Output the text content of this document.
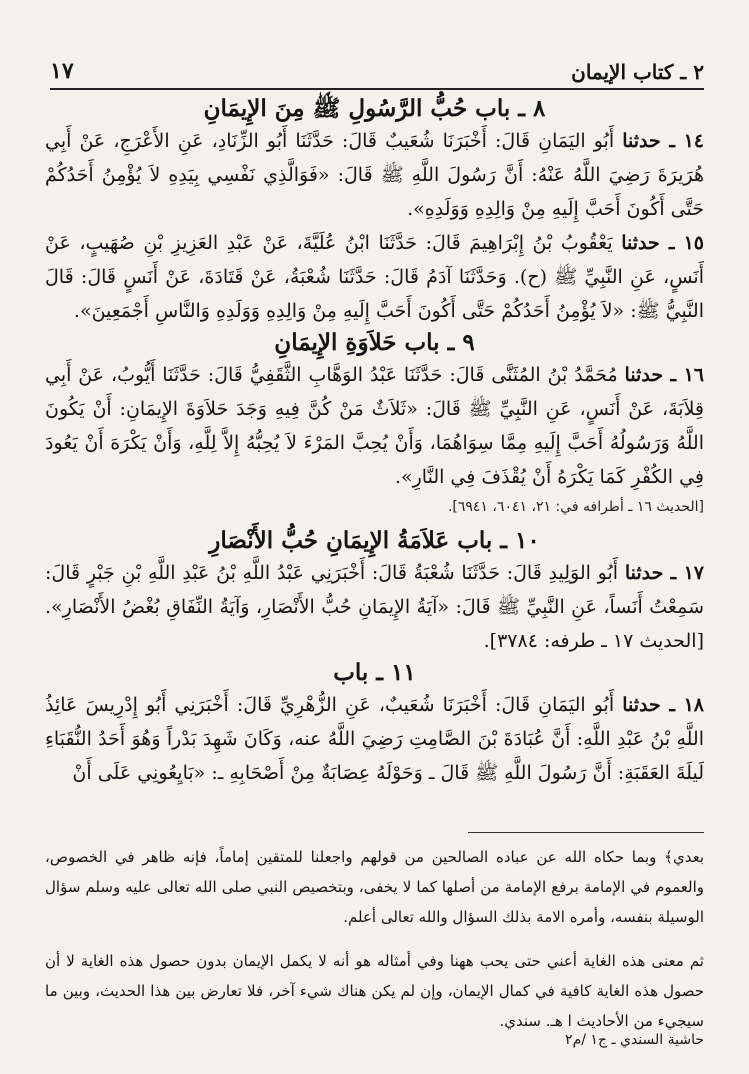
٢ ـ كتاب الإيمان
١٧
٨ ـ باب حُبُّ الرَّسُولِ ﷺ مِنَ الإِيمَانِ

١٤ ـ حدثنا أَبُو اليَمَانِ قَالَ: أَخْبَرَنَا شُعَيبٌ قَالَ: حَدَّثَنَا أَبُو الزِّنَادِ، عَنِ الأَعْرَجِ، عَنْ أَبِي هُرَيرَةَ رَضِيَ اللَّهُ عَنْهُ: أَنَّ رَسُولَ اللَّهِ ﷺ قَالَ: «فَوَالَّذِي نَفْسِي بِيَدِهِ لاَ يُؤْمِنُ أَحَدُكُمْ حَتَّى أَكُونَ أَحَبَّ إِلَيهِ مِنْ وَالِدِهِ وَوَلَدِهِ».

١٥ ـ حدثنا يَعْقُوبُ بْنُ إِبْرَاهِيمَ قَالَ: حَدَّثَنَا ابْنُ عُلَيَّةَ، عَنْ عَبْدِ العَزِيزِ بْنِ صُهَيبٍ، عَنْ أَنَسٍ، عَنِ النَّبِيِّ ﷺ (ح). وَحَدَّثَنَا آدَمُ قَالَ: حَدَّثَنَا شُعْبَةُ، عَنْ قَتَادَةَ، عَنْ أَنَسٍ قَالَ: قَالَ النَّبِيُّ ﷺ: «لاَ يُؤْمِنُ أَحَدُكُمْ حَتَّى أَكُونَ أَحَبَّ إِلَيهِ مِنْ وَالِدِهِ وَوَلَدِهِ وَالنَّاسِ أَجْمَعِينَ».

٩ ـ باب حَلاَوَةِ الإِيمَانِ

١٦ ـ حدثنا مُحَمَّدُ بْنُ المُثَنَّى قَالَ: حَدَّثَنَا عَبْدُ الوَهَّابِ الثَّقَفِيُّ قَالَ: حَدَّثَنَا أَيُّوبُ، عَنْ أَبِي قِلاَبَةَ، عَنْ أَنَسٍ، عَنِ النَّبِيِّ ﷺ قَالَ: «ثَلاَثٌ مَنْ كُنَّ فِيهِ وَجَدَ حَلاَوَةَ الإِيمَانِ: أَنْ يَكُونَ اللَّهُ وَرَسُولُهُ أَحَبَّ إِلَيهِ مِمَّا سِوَاهُمَا، وَأَنْ يُحِبَّ المَرْءَ لاَ يُحِبُّهُ إِلاَّ لِلَّهِ، وَأَنْ يَكْرَهَ أَنْ يَعُودَ فِي الكُفْرِ كَمَا يَكْرَهُ أَنْ يُقْذَفَ فِي النَّارِ».

[الحديث ١٦ ـ أطرافه في: ٢١، ٦٠٤١، ٦٩٤١].

١٠ ـ باب عَلاَمَةُ الإِيمَانِ حُبُّ الأَنْصَارِ

١٧ ـ حدثنا أَبُو الوَلِيدِ قَالَ: حَدَّثَنَا شُعْبَةُ قَالَ: أَخْبَرَنِي عَبْدُ اللَّهِ بْنُ عَبْدِ اللَّهِ بْنِ جَبْرٍ قَالَ: سَمِعْتُ أَنَساً، عَنِ النَّبِيِّ ﷺ قَالَ: «آيَةُ الإِيمَانِ حُبُّ الأَنْصَارِ، وَآيَةُ النِّفَاقِ بُغْضُ الأَنْصَارِ». [الحديث ١٧ ـ طرفه: ٣٧٨٤].

١١ ـ باب

١٨ ـ حدثنا أَبُو اليَمَانِ قَالَ: أَخْبَرَنَا شُعَيبٌ، عَنِ الزُّهْرِيِّ قَالَ: أَخْبَرَنِي أَبُو إِدْرِيسَ عَائِذُ اللَّهِ بْنُ عَبْدِ اللَّهِ: أَنَّ عُبَادَةَ بْنَ الصَّامِتِ رَضِيَ اللَّهُ عنه، وَكَانَ شَهِدَ بَدْراً وَهُوَ أَحَدُ النُّقَبَاءِ لَيلَةَ العَقَبَةِ: أَنَّ رَسُولَ اللَّهِ ﷺ قَالَ ـ وَحَوْلَهُ عِصَابَةٌ مِنْ أَصْحَابِهِ ـ: «بَايِعُونِي عَلَى أَنْ

بعدي﴾ وبما حكاه الله عن عباده الصالحين من قولهم واجعلنا للمتقين إماماً، فإنه ظاهر في الخصوص، والعموم في الإمامة برفع الإمامة من أصلها كما لا يخفى، وبتخصيص النبي صلى الله تعالى عليه وسلم سؤال الوسيلة بنفسه، وأمره الامة بذلك السؤال والله تعالى أعلم.

ثم معنى هذه الغاية أعني حتى يحب ههنا وفي أمثاله هو أنه لا يكمل الإيمان بدون حصول هذه الغاية لا أن حصول هذه الغاية كافية في كمال الإيمان، وإن لم يكن هناك شيء آخر، فلا تعارض بين هذا الحديث، وبين ما سيجيء من الأحاديث ا هـ. سندي.

حاشية السندي ـ ج١ /م٢
